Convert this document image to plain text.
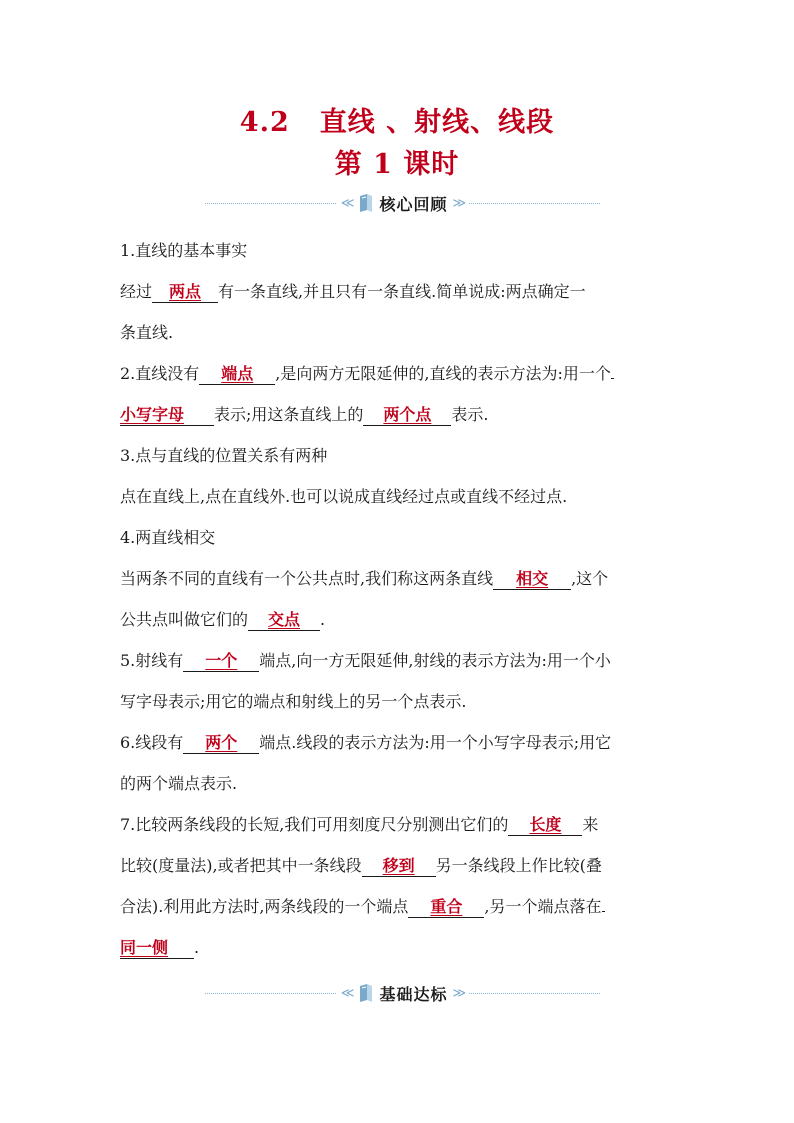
4.2 直线 、射线、线段
第 1 课时
≪ 核心回顾 ≫
1.直线的基本事实
经过 两点 有一条直线,并且只有一条直线.简单说成:两点确定一
条直线.
2.直线没有 端点 ,是向两方无限延伸的,直线的表示方法为:用一个
小写字母 表示;用这条直线上的 两个点 表示.
3.点与直线的位置关系有两种
点在直线上,点在直线外.也可以说成直线经过点或直线不经过点.
4.两直线相交
当两条不同的直线有一个公共点时,我们称这两条直线 相交 ,这个
公共点叫做它们的 交点 .
5.射线有 一个 端点,向一方无限延伸,射线的表示方法为:用一个小
写字母表示;用它的端点和射线上的另一个点表示.
6.线段有 两个 端点.线段的表示方法为:用一个小写字母表示;用它
的两个端点表示.
7.比较两条线段的长短,我们可用刻度尺分别测出它们的 长度 来
比较(度量法),或者把其中一条线段 移到 另一条线段上作比较(叠
合法).利用此方法时,两条线段的一个端点 重合 ,另一个端点落在
同一侧 .
≪ 基础达标 ≫
